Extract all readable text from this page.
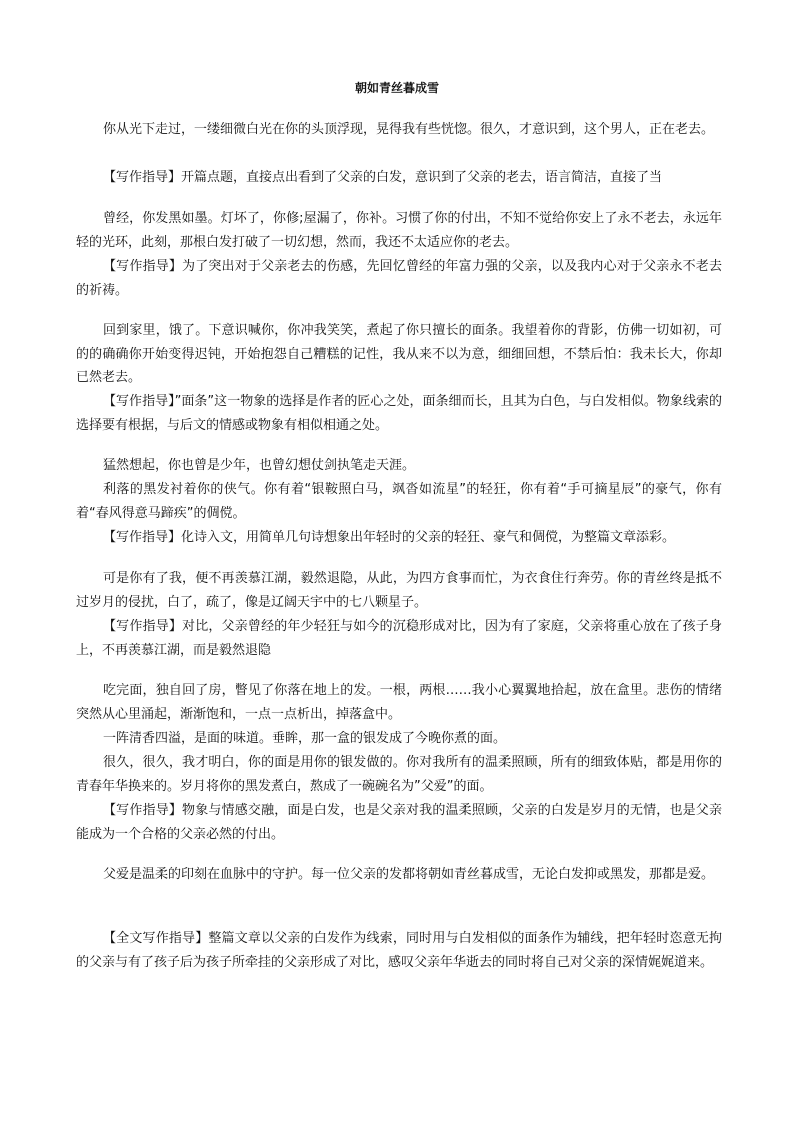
朝如青丝暮成雪

你从光下走过，一缕细微白光在你的头顶浮现，晃得我有些恍惚。很久，才意识到，这个男人，正在老去。

【写作指导】开篇点题，直接点出看到了父亲的白发，意识到了父亲的老去，语言简洁，直接了当

曾经，你发黑如墨。灯坏了，你修;屋漏了，你补。习惯了你的付出，不知不觉给你安上了永不老去，永远年轻的光环，此刻，那根白发打破了一切幻想，然而，我还不太适应你的老去。

【写作指导】为了突出对于父亲老去的伤感，先回忆曾经的年富力强的父亲，以及我内心对于父亲永不老去的祈祷。

回到家里，饿了。下意识喊你，你冲我笑笑，煮起了你只擅长的面条。我望着你的背影，仿佛一切如初，可的的确确你开始变得迟钝，开始抱怨自己糟糕的记性，我从来不以为意，细细回想，不禁后怕：我未长大，你却已然老去。

【写作指导】”面条”这一物象的选择是作者的匠心之处，面条细而长，且其为白色，与白发相似。物象线索的选择要有根据，与后文的情感或物象有相似相通之处。

猛然想起，你也曾是少年，也曾幻想仗剑执笔走天涯。

利落的黑发衬着你的侠气。你有着“银鞍照白马，飒沓如流星”的轻狂，你有着“手可摘星辰”的豪气，你有着“春风得意马蹄疾”的倜傥。

【写作指导】化诗入文，用简单几句诗想象出年轻时的父亲的轻狂、豪气和倜傥，为整篇文章添彩。

可是你有了我，便不再羡慕江湖，毅然退隐，从此，为四方食事而忙，为衣食住行奔劳。你的青丝终是抵不过岁月的侵扰，白了，疏了，像是辽阔天宇中的七八颗星子。

【写作指导】对比，父亲曾经的年少轻狂与如今的沉稳形成对比，因为有了家庭，父亲将重心放在了孩子身上，不再羡慕江湖，而是毅然退隐

吃完面，独自回了房，瞥见了你落在地上的发。一根，两根……我小心翼翼地拾起，放在盒里。悲伤的情绪突然从心里涌起，渐渐饱和，一点一点析出，掉落盒中。

一阵清香四溢，是面的味道。垂眸，那一盒的银发成了今晚你煮的面。

很久，很久，我才明白，你的面是用你的银发做的。你对我所有的温柔照顾，所有的细致体贴，都是用你的青春年华换来的。岁月将你的黑发煮白，熬成了一碗碗名为”父爱”的面。

【写作指导】物象与情感交融，面是白发，也是父亲对我的温柔照顾，父亲的白发是岁月的无情，也是父亲能成为一个合格的父亲必然的付出。

父爱是温柔的印刻在血脉中的守护。每一位父亲的发都将朝如青丝暮成雪，无论白发抑或黑发，那都是爱。

【全文写作指导】整篇文章以父亲的白发作为线索，同时用与白发相似的面条作为辅线，把年轻时恣意无拘的父亲与有了孩子后为孩子所牵挂的父亲形成了对比，感叹父亲年华逝去的同时将自己对父亲的深情娓娓道来。
